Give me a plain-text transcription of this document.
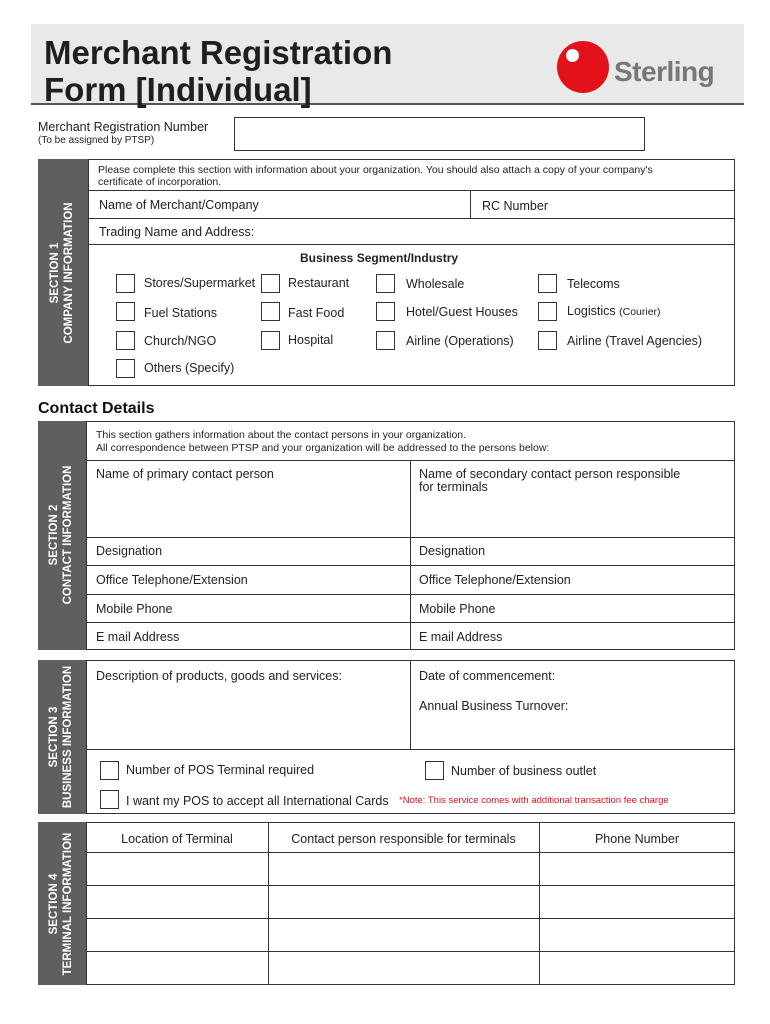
Merchant Registration
Form [Individual]	Sterling
Merchant Registration Number
(To be assigned by PTSP)
SECTION 1 COMPANY INFORMATION
Please complete this section with information about your organization. You should also attach a copy of your company's
certificate of incorporation.
Name of Merchant/Company	RC Number
Trading Name and Address:
Business Segment/Industry
Stores/Supermarket	Restaurant	Wholesale	Telecoms
Fuel Stations	Fast Food	Hotel/Guest Houses	Logistics (Courier)
Church/NGO	Hospital	Airline (Operations)	Airline (Travel Agencies)
Others (Specify)
Contact Details
SECTION 2 CONTACT INFORMATION
This section gathers information about the contact persons in your organization.
All correspondence between PTSP and your organization will be addressed to the persons below:
Name of primary contact person	Name of secondary contact person responsible
for terminals
Designation	Designation
Office Telephone/Extension	Office Telephone/Extension
Mobile Phone	Mobile Phone
E mail Address	E mail Address
SECTION 3 BUSINESS INFORMATION Description of products, goods and services:	Date of commencement:
Annual Business Turnover:
Number of POS Terminal required	Number of business outlet
I want my POS to accept all International Cards *Note: This service comes with additional transaction fee charge
SECTION 4 TERMINAL INFORMATION	Location of Terminal	Contact person responsible for terminals	Phone Number
